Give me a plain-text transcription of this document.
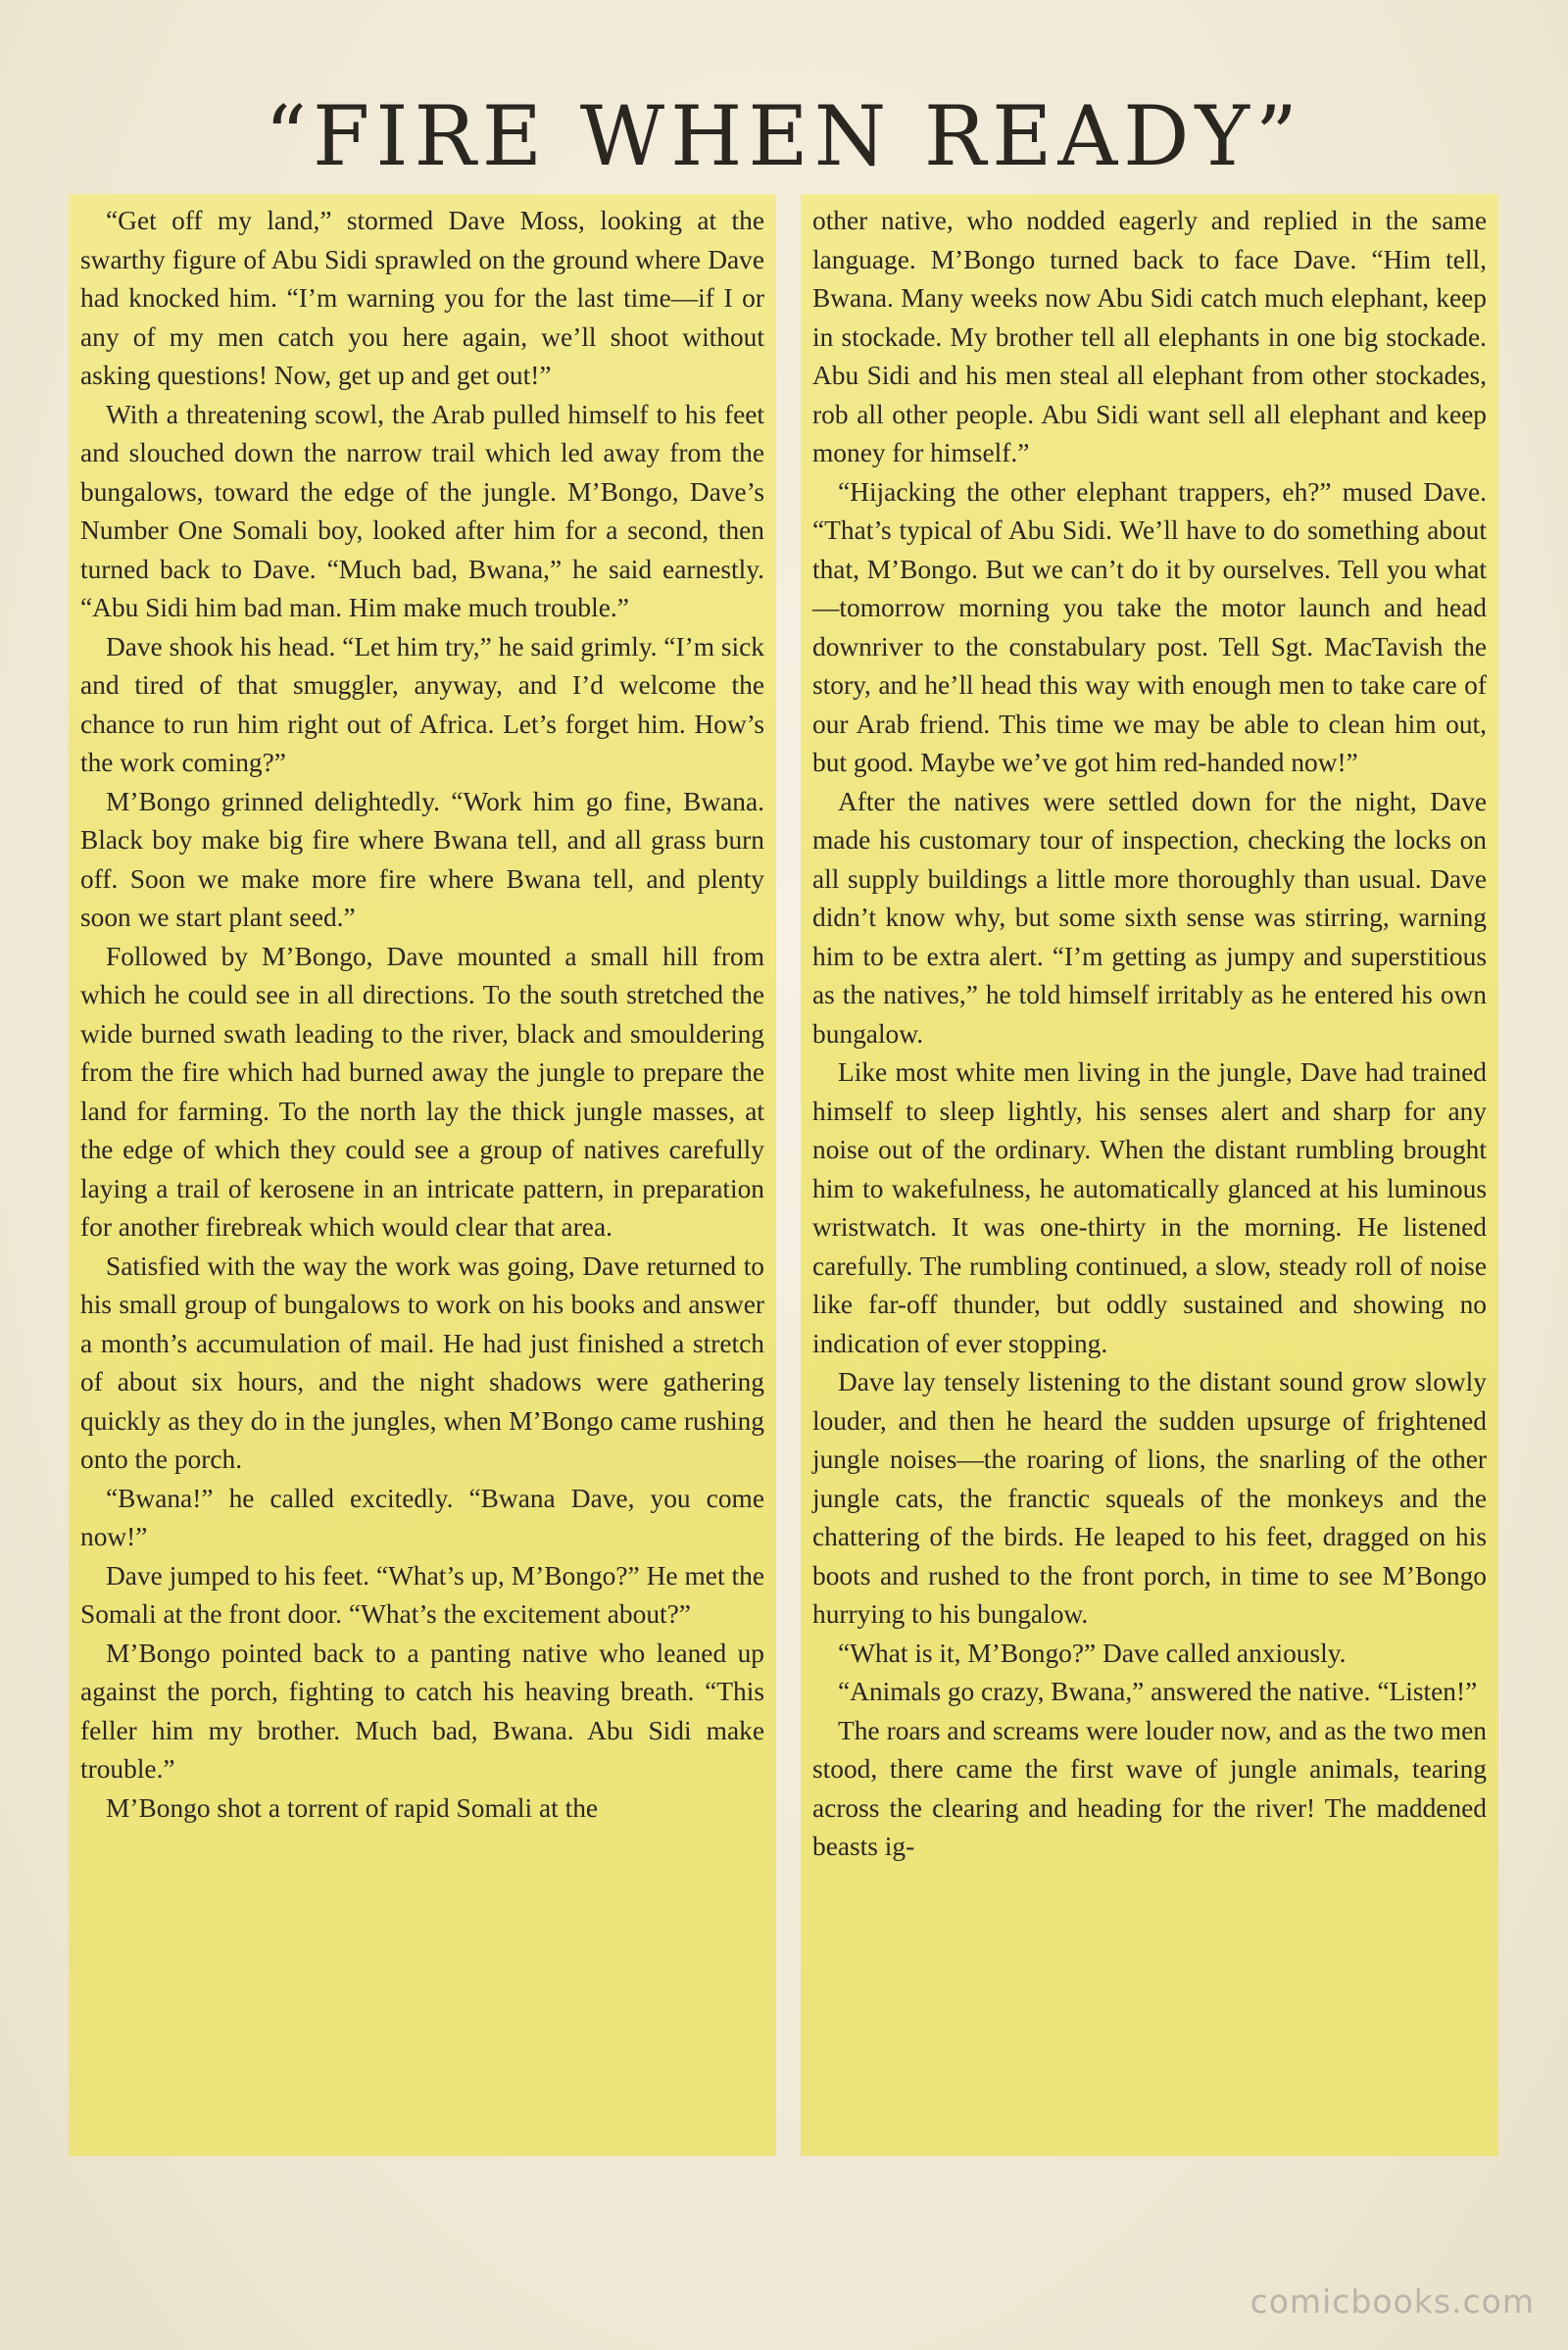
“FIRE WHEN READY”

“Get off my land,” stormed Dave Moss, looking at the swarthy figure of Abu Sidi sprawled on the ground where Dave had knocked him. “I’m warning you for the last time—if I or any of my men catch you here again, we’ll shoot without asking questions! Now, get up and get out!”

With a threatening scowl, the Arab pulled himself to his feet and slouched down the narrow trail which led away from the bungalows, toward the edge of the jungle. M’Bongo, Dave’s Number One Somali boy, looked after him for a second, then turned back to Dave. “Much bad, Bwana,” he said earnestly. “Abu Sidi him bad man. Him make much trouble.”

Dave shook his head. “Let him try,” he said grimly. “I’m sick and tired of that smuggler, anyway, and I’d welcome the chance to run him right out of Africa. Let’s forget him. How’s the work coming?”

M’Bongo grinned delightedly. “Work him go fine, Bwana. Black boy make big fire where Bwana tell, and all grass burn off. Soon we make more fire where Bwana tell, and plenty soon we start plant seed.”

Followed by M’Bongo, Dave mounted a small hill from which he could see in all directions. To the south stretched the wide burned swath leading to the river, black and smouldering from the fire which had burned away the jungle to prepare the land for farming. To the north lay the thick jungle masses, at the edge of which they could see a group of natives carefully laying a trail of kerosene in an intricate pattern, in preparation for another firebreak which would clear that area.

Satisfied with the way the work was going, Dave returned to his small group of bungalows to work on his books and answer a month’s accumulation of mail. He had just finished a stretch of about six hours, and the night shadows were gathering quickly as they do in the jungles, when M’Bongo came rushing onto the porch.

“Bwana!” he called excitedly. “Bwana Dave, you come now!”

Dave jumped to his feet. “What’s up, M’Bongo?” He met the Somali at the front door. “What’s the excitement about?”

M’Bongo pointed back to a panting native who leaned up against the porch, fighting to catch his heaving breath. “This feller him my brother. Much bad, Bwana. Abu Sidi make trouble.”

M’Bongo shot a torrent of rapid Somali at the

other native, who nodded eagerly and replied in the same language. M’Bongo turned back to face Dave. “Him tell, Bwana. Many weeks now Abu Sidi catch much elephant, keep in stockade. My brother tell all elephants in one big stockade. Abu Sidi and his men steal all elephant from other stockades, rob all other people. Abu Sidi want sell all elephant and keep money for himself.”

“Hijacking the other elephant trappers, eh?” mused Dave. “That’s typical of Abu Sidi. We’ll have to do something about that, M’Bongo. But we can’t do it by ourselves. Tell you what—tomorrow morning you take the motor launch and head downriver to the constabulary post. Tell Sgt. MacTavish the story, and he’ll head this way with enough men to take care of our Arab friend. This time we may be able to clean him out, but good. Maybe we’ve got him red-handed now!”

After the natives were settled down for the night, Dave made his customary tour of inspection, checking the locks on all supply buildings a little more thoroughly than usual. Dave didn’t know why, but some sixth sense was stirring, warning him to be extra alert. “I’m getting as jumpy and superstitious as the natives,” he told himself irritably as he entered his own bungalow.

Like most white men living in the jungle, Dave had trained himself to sleep lightly, his senses alert and sharp for any noise out of the ordinary. When the distant rumbling brought him to wakefulness, he automatically glanced at his luminous wristwatch. It was one-thirty in the morning. He listened carefully. The rumbling continued, a slow, steady roll of noise like far-off thunder, but oddly sustained and showing no indication of ever stopping.

Dave lay tensely listening to the distant sound grow slowly louder, and then he heard the sudden upsurge of frightened jungle noises—the roaring of lions, the snarling of the other jungle cats, the franctic squeals of the monkeys and the chattering of the birds. He leaped to his feet, dragged on his boots and rushed to the front porch, in time to see M’Bongo hurrying to his bungalow.

“What is it, M’Bongo?” Dave called anxiously.

“Animals go crazy, Bwana,” answered the native. “Listen!”

The roars and screams were louder now, and as the two men stood, there came the first wave of jungle animals, tearing across the clearing and heading for the river! The maddened beasts ig-

comicbooks.com
